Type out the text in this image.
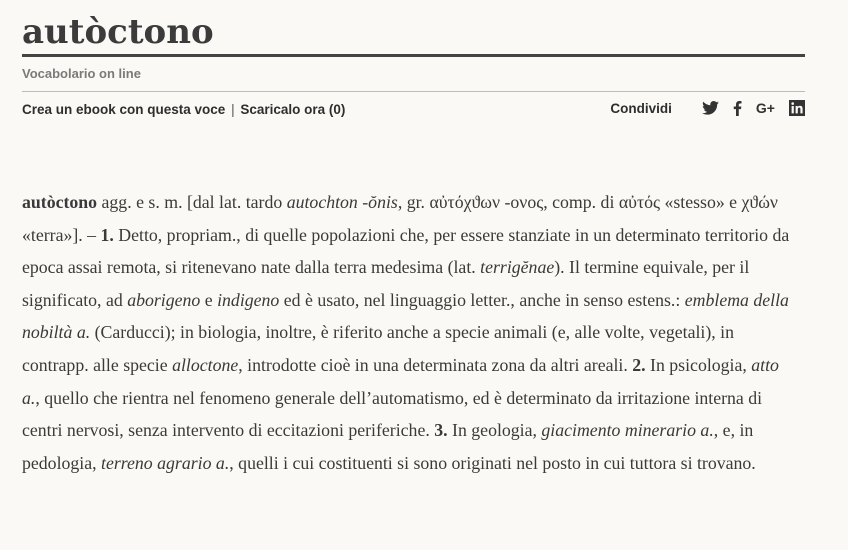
autòctono
Vocabolario on line
Crea un ebook con questa voce | Scaricalo ora (0)	Condividi	G+

autòctono agg. e s. m. [dal lat. tardo autochton -ŏnis, gr. αὐτόχϑων -ονος, comp. di αὐτός «stesso» e χϑών «terra»]. – 1. Detto, propriam., di quelle popolazioni che, per essere stanziate in un determinato territorio da epoca assai remota, si ritenevano nate dalla terra medesima (lat. terrigĕnae). Il termine equivale, per il significato, ad aborigeno e indigeno ed è usato, nel linguaggio letter., anche in senso estens.: emblema della nobiltà a. (Carducci); in biologia, inoltre, è riferito anche a specie animali (e, alle volte, vegetali), in contrapp. alle specie alloctone, introdotte cioè in una determinata zona da altri areali. 2. In psicologia, atto a., quello che rientra nel fenomeno generale dell’automatismo, ed è determinato da irritazione interna di centri nervosi, senza intervento di eccitazioni periferiche. 3. In geologia, giacimento minerario a., e, in pedologia, terreno agrario a., quelli i cui costituenti si sono originati nel posto in cui tuttora si trovano.
